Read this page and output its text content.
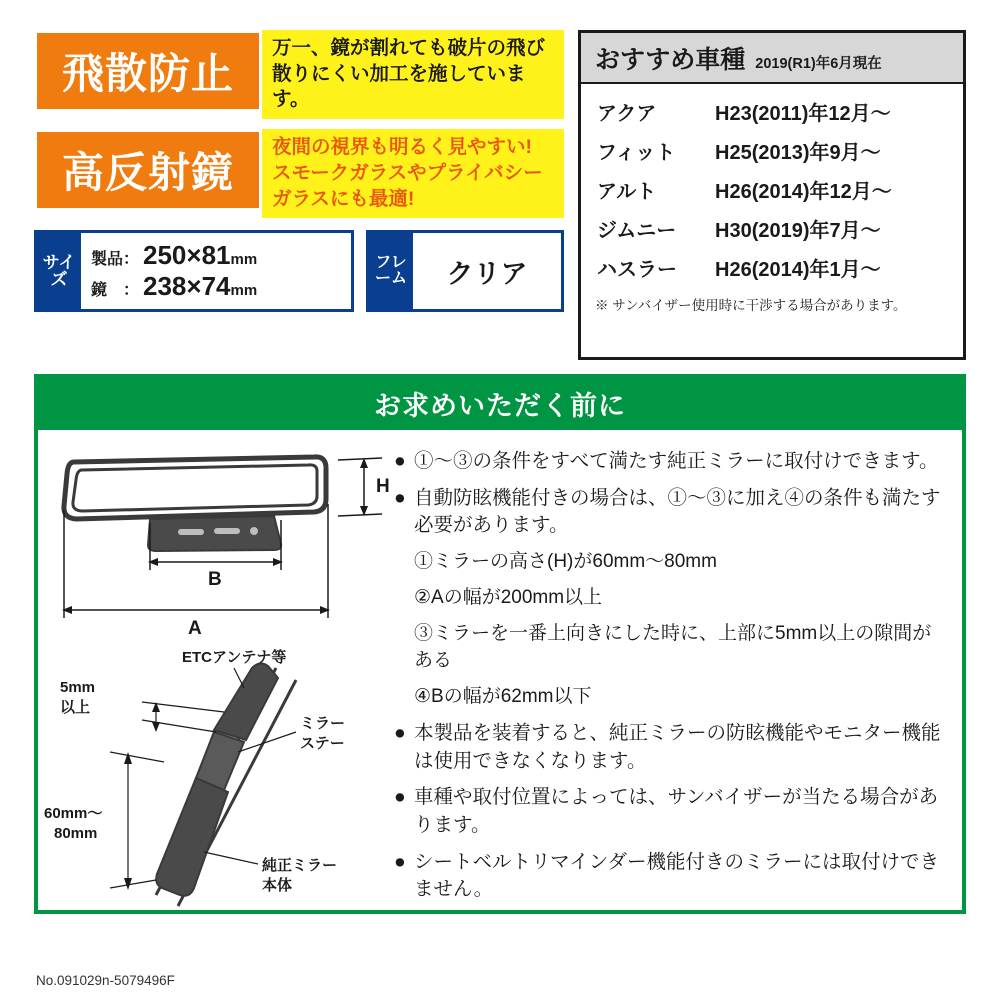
飛散防止
万一、鏡が割れても破片の飛び
散りにくい加工を施しています。
高反射鏡
夜間の視界も明るく見やすい!
スモークガラスやプライバシー
ガラスにも最適!
サイズ
製品： 250×81 mm
鏡　： 238×74 mm
フレーム	クリア
おすすめ車種 2019(R1)年6月現在
アクア	H23(2011)年12月～
フィット	H25(2013)年9月～
アルト	H26(2014)年12月～
ジムニー	H30(2019)年7月～
ハスラー	H26(2014)年1月～
※ サンバイザー使用時に干渉する場合があります。
お求めいただく前に
H
B
A
5mm
以上
60mm～
80mm
ETCアンテナ等
ミラー
ステー
純正ミラー
本体
● ①～③の条件をすべて満たす純正ミラーに取付けできます。
● 自動防眩機能付きの場合は、①～③に加え④の条件も満たす必要があります。
①ミラーの高さ(H)が60mm～80mm
②Aの幅が200mm以上
③ミラーを一番上向きにした時に、上部に5mm以上の隙間がある
④Bの幅が62mm以下
● 本製品を装着すると、純正ミラーの防眩機能やモニター機能は使用できなくなります。
● 車種や取付位置によっては、サンバイザーが当たる場合があります。
● シートベルトリマインダー機能付きのミラーには取付けできません。
No.091029n-5079496F
